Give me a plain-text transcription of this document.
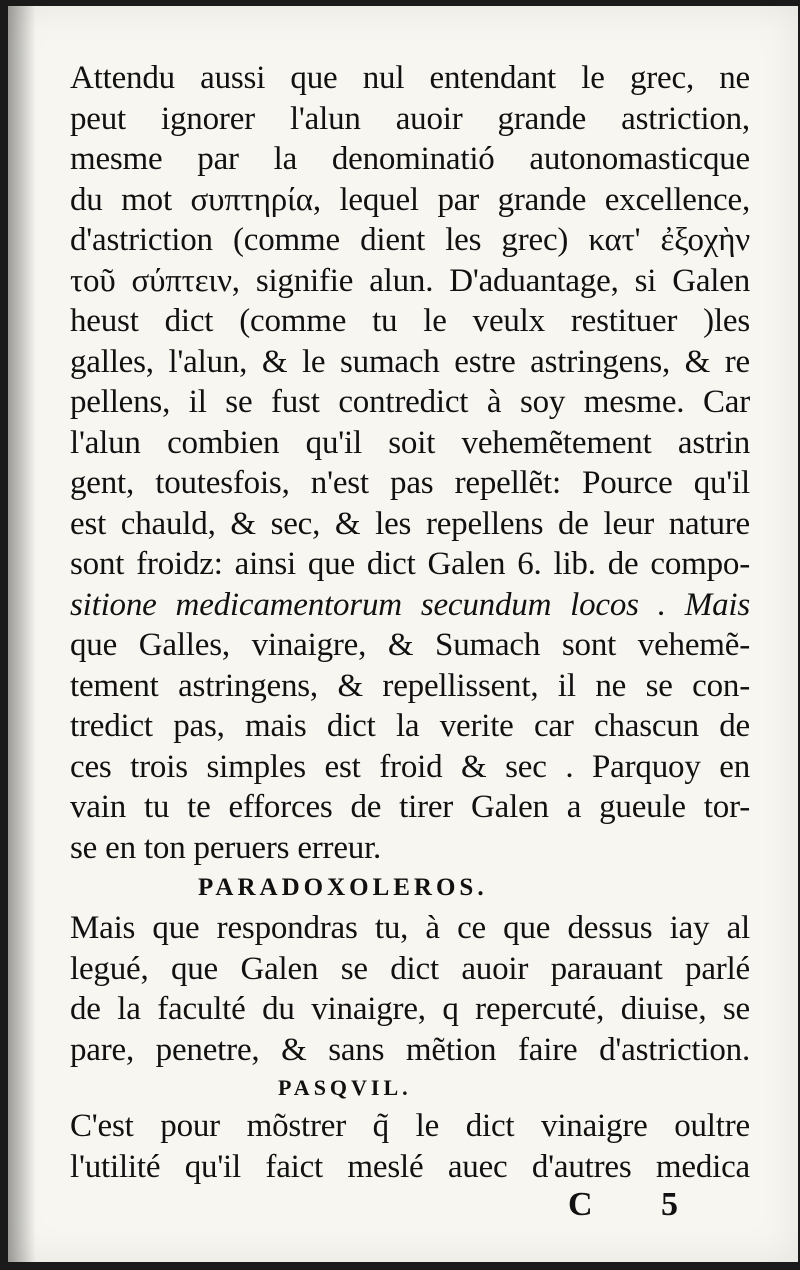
Attendu aussi que nul entendant le grec, ne
peut ignorer l'alun auoir grande astriction,
mesme par la denominatió autonomasticque
du mot συπτηρία, lequel par grande excellence,
d'astriction (comme dient les grec) κατ' ἐξοχὴν
τοῦ σύπτειν, signifie alun. D'aduantage, si Galen
heust dict (comme tu le veulx restituer )les
galles, l'alun, & le sumach estre astringens, & re
pellens, il se fust contredict à soy mesme. Car
l'alun combien qu'il soit vehemẽtement astrin
gent, toutesfois, n'est pas repellẽt: Pource qu'il
est chauld, & sec, & les repellens de leur nature
sont froidz: ainsi que dict Galen 6. lib. de compo-
sitione medicamentorum secundum locos . Mais
que Galles, vinaigre, & Sumach sont vehemẽ-
tement astringens, & repellissent, il ne se con-
tredict pas, mais dict la verite car chascun de
ces trois simples est froid & sec . Parquoy en
vain tu te efforces de tirer Galen a gueule tor-
se en ton peruers erreur.
PARADOXOLEROS.
Mais que respondras tu, à ce que dessus iay al
legué, que Galen se dict auoir parauant parlé
de la faculté du vinaigre, q repercuté, diuise, se
pare, penetre, & sans mẽtion faire d'astriction.
PASQVIL.
C'est pour mõstrer q̃ le dict vinaigre oultre
l'utilité qu'il faict meslé auec d'autres medica
C 5
